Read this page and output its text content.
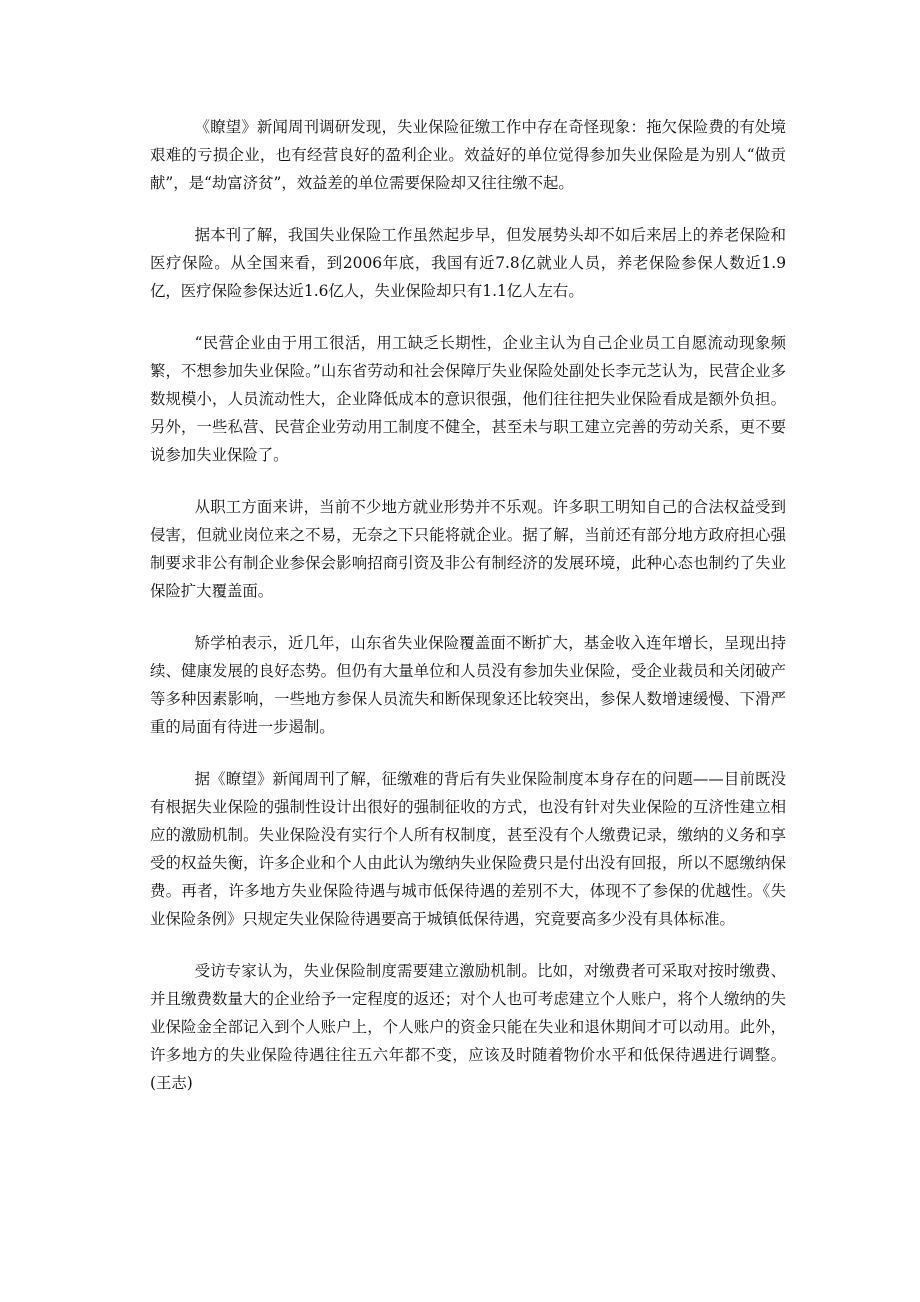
《瞭望》新闻周刊调研发现，失业保险征缴工作中存在奇怪现象：拖欠保险费的有处境艰难的亏损企业，也有经营良好的盈利企业。效益好的单位觉得参加失业保险是为别人“做贡献”，是“劫富济贫”，效益差的单位需要保险却又往往缴不起。

据本刊了解，我国失业保险工作虽然起步早，但发展势头却不如后来居上的养老保险和医疗保险。从全国来看，到2006年底，我国有近7.8亿就业人员，养老保险参保人数近1.9亿，医疗保险参保达近1.6亿人，失业保险却只有1.1亿人左右。

“民营企业由于用工很活，用工缺乏长期性，企业主认为自己企业员工自愿流动现象频繁，不想参加失业保险。”山东省劳动和社会保障厅失业保险处副处长李元芝认为，民营企业多数规模小，人员流动性大，企业降低成本的意识很强，他们往往把失业保险看成是额外负担。另外，一些私营、民营企业劳动用工制度不健全，甚至未与职工建立完善的劳动关系，更不要说参加失业保险了。

从职工方面来讲，当前不少地方就业形势并不乐观。许多职工明知自己的合法权益受到侵害，但就业岗位来之不易，无奈之下只能将就企业。据了解，当前还有部分地方政府担心强制要求非公有制企业参保会影响招商引资及非公有制经济的发展环境，此种心态也制约了失业保险扩大覆盖面。

矫学柏表示，近几年，山东省失业保险覆盖面不断扩大，基金收入连年增长，呈现出持续、健康发展的良好态势。但仍有大量单位和人员没有参加失业保险，受企业裁员和关闭破产等多种因素影响，一些地方参保人员流失和断保现象还比较突出，参保人数增速缓慢、下滑严重的局面有待进一步遏制。

据《瞭望》新闻周刊了解，征缴难的背后有失业保险制度本身存在的问题——目前既没有根据失业保险的强制性设计出很好的强制征收的方式，也没有针对失业保险的互济性建立相应的激励机制。失业保险没有实行个人所有权制度，甚至没有个人缴费记录，缴纳的义务和享受的权益失衡，许多企业和个人由此认为缴纳失业保险费只是付出没有回报，所以不愿缴纳保费。再者，许多地方失业保险待遇与城市低保待遇的差别不大，体现不了参保的优越性。《失业保险条例》只规定失业保险待遇要高于城镇低保待遇，究竟要高多少没有具体标准。

受访专家认为，失业保险制度需要建立激励机制。比如，对缴费者可采取对按时缴费、并且缴费数量大的企业给予一定程度的返还；对个人也可考虑建立个人账户，将个人缴纳的失业保险金全部记入到个人账户上，个人账户的资金只能在失业和退休期间才可以动用。此外，许多地方的失业保险待遇往往五六年都不变，应该及时随着物价水平和低保待遇进行调整。(王志)
